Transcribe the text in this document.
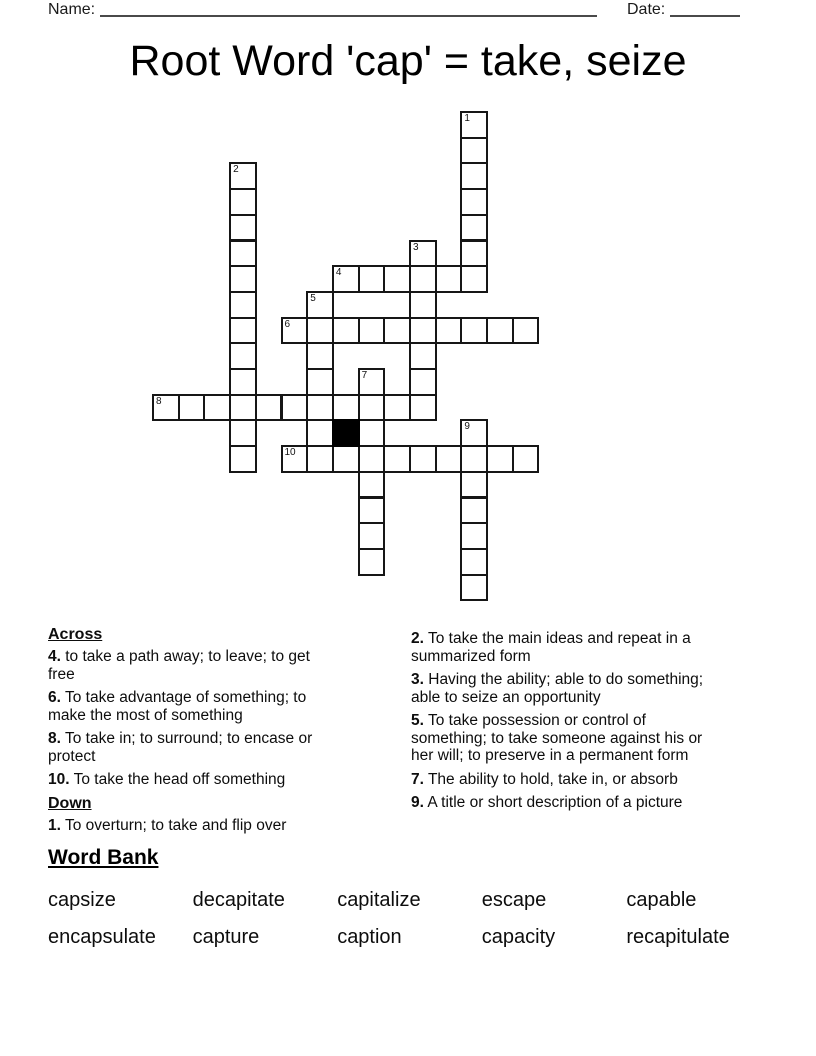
Name:	Date:
Root Word 'cap' = take, seize
1
2
3
4
5
6
7
8
9
10
Across

4. to take a path away; to leave; to get free

6. To take advantage of something; to make the most of something

8. To take in; to surround; to encase or protect

10. To take the head off something

Down

1. To overturn; to take and flip over

2. To take the main ideas and repeat in a summarized form

3. Having the ability; able to do something; able to seize an opportunity

5. To take possession or control of something; to take someone against his or her will; to preserve in a permanent form

7. The ability to hold, take in, or absorb

9. A title or short description of a picture

Word Bank
capsize	decapitate	capitalize	escape	capable
encapsulate	capture	caption	capacity	recapitulate
